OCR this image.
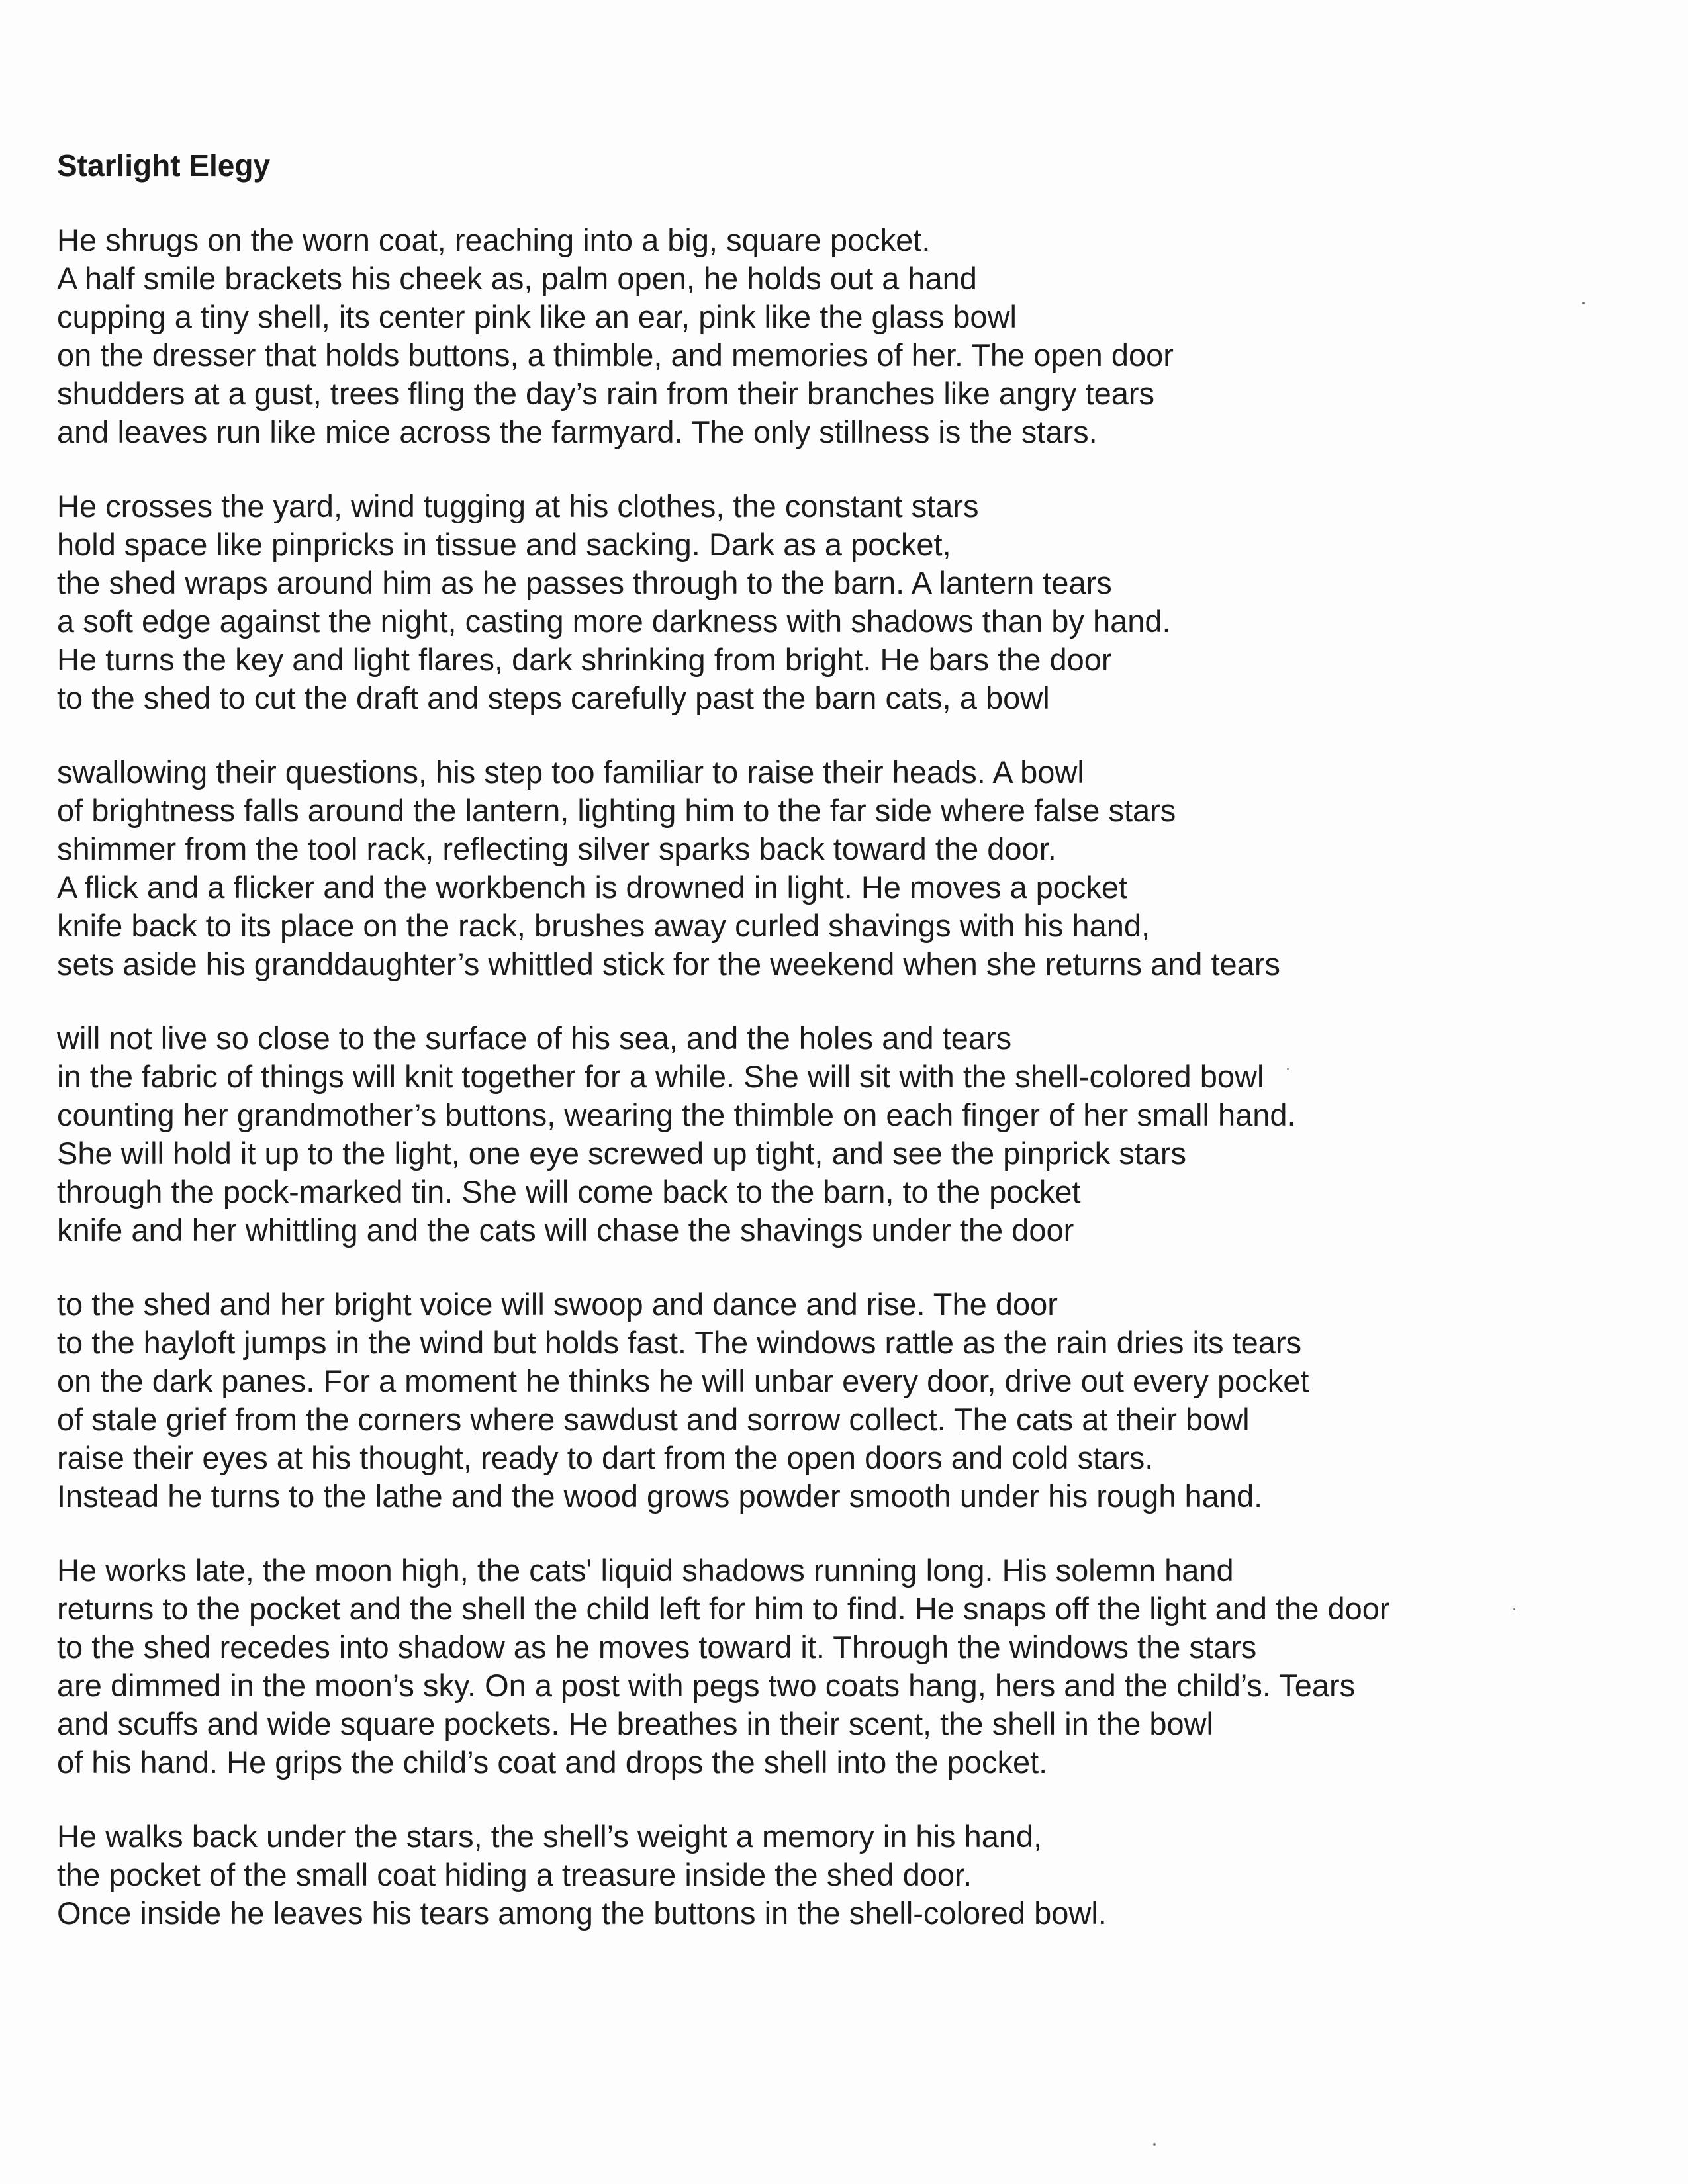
Starlight Elegy
He shrugs on the worn coat, reaching into a big, square pocket.
A half smile brackets his cheek as, palm open, he holds out a hand
cupping a tiny shell, its center pink like an ear, pink like the glass bowl
on the dresser that holds buttons, a thimble, and memories of her. The open door
shudders at a gust, trees fling the day’s rain from their branches like angry tears
and leaves run like mice across the farmyard. The only stillness is the stars.
He crosses the yard, wind tugging at his clothes, the constant stars
hold space like pinpricks in tissue and sacking. Dark as a pocket,
the shed wraps around him as he passes through to the barn. A lantern tears
a soft edge against the night, casting more darkness with shadows than by hand.
He turns the key and light flares, dark shrinking from bright. He bars the door
to the shed to cut the draft and steps carefully past the barn cats, a bowl
swallowing their questions, his step too familiar to raise their heads. A bowl
of brightness falls around the lantern, lighting him to the far side where false stars
shimmer from the tool rack, reflecting silver sparks back toward the door.
A flick and a flicker and the workbench is drowned in light. He moves a pocket
knife back to its place on the rack, brushes away curled shavings with his hand,
sets aside his granddaughter’s whittled stick for the weekend when she returns and tears
will not live so close to the surface of his sea, and the holes and tears
in the fabric of things will knit together for a while. She will sit with the shell-colored bowl
counting her grandmother’s buttons, wearing the thimble on each finger of her small hand.
She will hold it up to the light, one eye screwed up tight, and see the pinprick stars
through the pock-marked tin. She will come back to the barn, to the pocket
knife and her whittling and the cats will chase the shavings under the door
to the shed and her bright voice will swoop and dance and rise. The door
to the hayloft jumps in the wind but holds fast. The windows rattle as the rain dries its tears
on the dark panes. For a moment he thinks he will unbar every door, drive out every pocket
of stale grief from the corners where sawdust and sorrow collect. The cats at their bowl
raise their eyes at his thought, ready to dart from the open doors and cold stars.
Instead he turns to the lathe and the wood grows powder smooth under his rough hand.
He works late, the moon high, the cats' liquid shadows running long. His solemn hand
returns to the pocket and the shell the child left for him to find. He snaps off the light and the door
to the shed recedes into shadow as he moves toward it. Through the windows the stars
are dimmed in the moon’s sky. On a post with pegs two coats hang, hers and the child’s. Tears
and scuffs and wide square pockets. He breathes in their scent, the shell in the bowl
of his hand. He grips the child’s coat and drops the shell into the pocket.
He walks back under the stars, the shell’s weight a memory in his hand,
the pocket of the small coat hiding a treasure inside the shed door.
Once inside he leaves his tears among the buttons in the shell-colored bowl.
